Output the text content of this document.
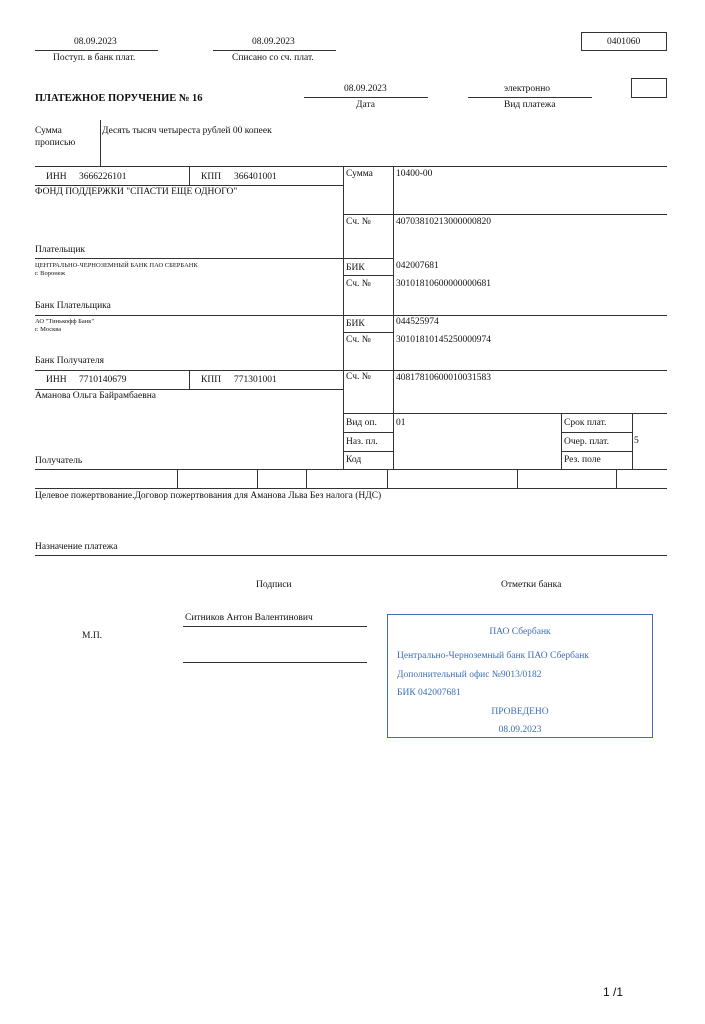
08.09.2023
Поступ. в банк плат.
08.09.2023
Списано со сч. плат.
0401060
ПЛАТЕЖНОЕ ПОРУЧЕНИЕ № 16
08.09.2023
Дата
электронно
Вид платежа
Сумма прописью
Десять тысяч четыреста рублей 00 копеек
ИНН 3666226101	КПП 366401001
ФОНД ПОДДЕРЖКИ "СПАСТИ ЕЩЕ ОДНОГО"
Плательщик
Сумма 10400-00
Сч. №	40703810213000000820
ЦЕНТРАЛЬНО-ЧЕРНОЗЕМНЫЙ БАНК ПАО СБЕРБАНК
г. Воронеж
Банк Плательщика
БИК	042007681
Сч. №	30101810600000000681
АО "Тинькофф Банк"
г. Москва
Банк Получателя
БИК	044525974
Сч. №	30101810145250000974
ИНН 7710140679	КПП 771301001
Аманова Ольга Байрамбаевна
Получатель
Сч. №	40817810600010031583
Вид оп. 01
Наз. пл.
Код
Срок плат.
Очер. плат.	5
Рез. поле
Целевое пожертвование.Договор пожертвования для Аманова Льва Без налога (НДС)
Назначение платежа
Подписи	Отметки банка
М.П.
Ситников Антон Валентинович
ПАО Сбербанк
Центрально-Черноземный банк ПАО Сбербанк
Дополнительный офис №9013/0182
БИК 042007681
ПРОВЕДЕНО
08.09.2023
1 /1
